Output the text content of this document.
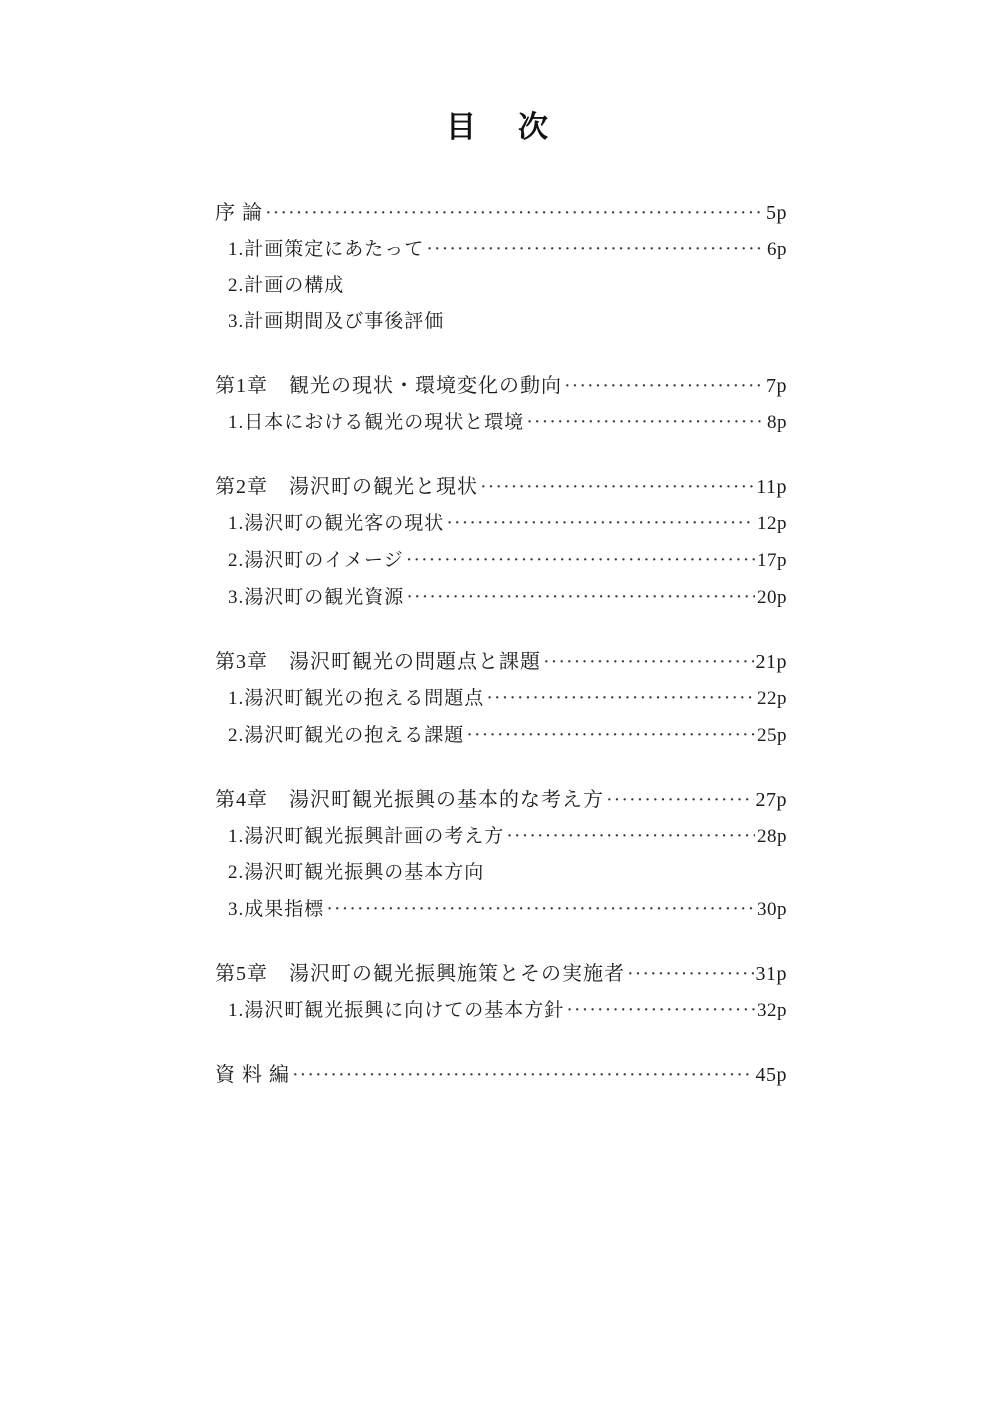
目　次
序 論 ·····	5p
1.計画策定にあたって ·····	6p
2.計画の構成
3.計画期間及び事後評価
第1章　観光の現状・環境変化の動向 ·····	7p
1.日本における観光の現状と環境 ·····	8p
第2章　湯沢町の観光と現状 ·····	11p
1.湯沢町の観光客の現状 ·····	12p
2.湯沢町のイメージ ·····	17p
3.湯沢町の観光資源 ·····	20p
第3章　湯沢町観光の問題点と課題 ·····	21p
1.湯沢町観光の抱える問題点 ·····	22p
2.湯沢町観光の抱える課題 ·····	25p
第4章　湯沢町観光振興の基本的な考え方 ·····	27p
1.湯沢町観光振興計画の考え方 ·····	28p
2.湯沢町観光振興の基本方向
3.成果指標 ·····	30p
第5章　湯沢町の観光振興施策とその実施者 ·····	31p
1.湯沢町観光振興に向けての基本方針 ·····	32p
資 料 編 ·····	45p
